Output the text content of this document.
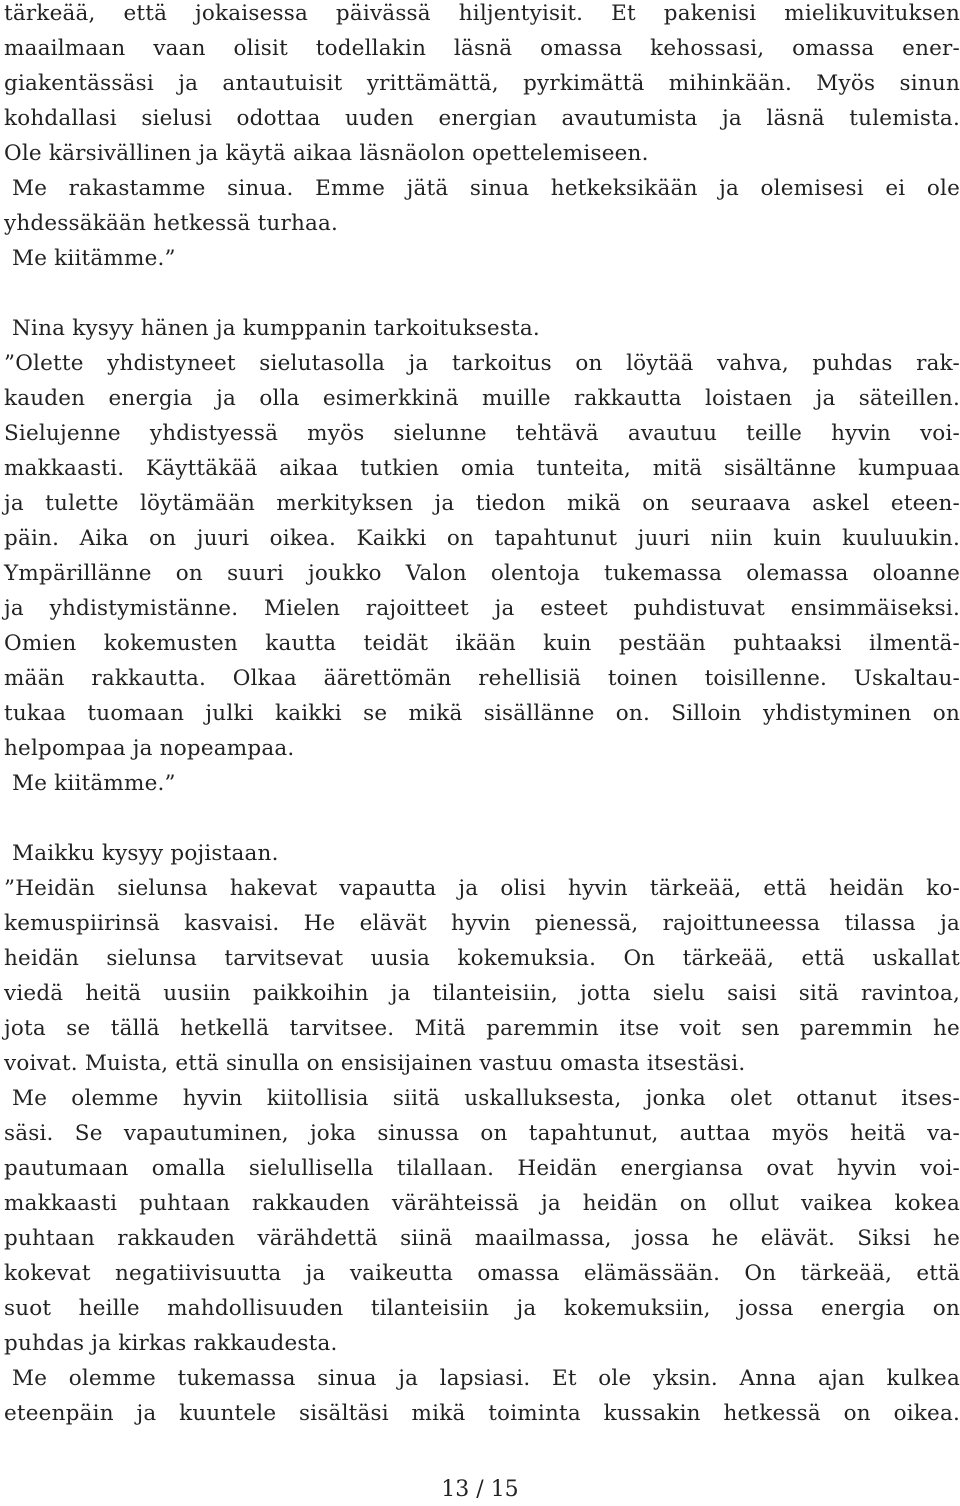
tärkeää, että jokaisessa päivässä hiljentyisit. Et pakenisi mielikuvituksen
maailmaan vaan olisit todellakin läsnä omassa kehossasi, omassa ener-
giakentässäsi ja antautuisit yrittämättä, pyrkimättä mihinkään. Myös sinun
kohdallasi sielusi odottaa uuden energian avautumista ja läsnä tulemista.
Ole kärsivällinen ja käytä aikaa läsnäolon opettelemiseen.
Me rakastamme sinua. Emme jätä sinua hetkeksikään ja olemisesi ei ole
yhdessäkään hetkessä turhaa.
Me kiitämme.”
Nina kysyy hänen ja kumppanin tarkoituksesta.
”Olette yhdistyneet sielutasolla ja tarkoitus on löytää vahva, puhdas rak-
kauden energia ja olla esimerkkinä muille rakkautta loistaen ja säteillen.
Sielujenne yhdistyessä myös sielunne tehtävä avautuu teille hyvin voi-
makkaasti. Käyttäkää aikaa tutkien omia tunteita, mitä sisältänne kumpuaa
ja tulette löytämään merkityksen ja tiedon mikä on seuraava askel eteen-
päin. Aika on juuri oikea. Kaikki on tapahtunut juuri niin kuin kuuluukin.
Ympärillänne on suuri joukko Valon olentoja tukemassa olemassa oloanne
ja yhdistymistänne. Mielen rajoitteet ja esteet puhdistuvat ensimmäiseksi.
Omien kokemusten kautta teidät ikään kuin pestään puhtaaksi ilmentä-
mään rakkautta. Olkaa äärettömän rehellisiä toinen toisillenne. Uskaltau-
tukaa tuomaan julki kaikki se mikä sisällänne on. Silloin yhdistyminen on
helpompaa ja nopeampaa.
Me kiitämme.”
Maikku kysyy pojistaan.
”Heidän sielunsa hakevat vapautta ja olisi hyvin tärkeää, että heidän ko-
kemuspiirinsä kasvaisi. He elävät hyvin pienessä, rajoittuneessa tilassa ja
heidän sielunsa tarvitsevat uusia kokemuksia. On tärkeää, että uskallat
viedä heitä uusiin paikkoihin ja tilanteisiin, jotta sielu saisi sitä ravintoa,
jota se tällä hetkellä tarvitsee. Mitä paremmin itse voit sen paremmin he
voivat. Muista, että sinulla on ensisijainen vastuu omasta itsestäsi.
Me olemme hyvin kiitollisia siitä uskalluksesta, jonka olet ottanut itses-
säsi. Se vapautuminen, joka sinussa on tapahtunut, auttaa myös heitä va-
pautumaan omalla sielullisella tilallaan. Heidän energiansa ovat hyvin voi-
makkaasti puhtaan rakkauden värähteissä ja heidän on ollut vaikea kokea
puhtaan rakkauden värähdettä siinä maailmassa, jossa he elävät. Siksi he
kokevat negatiivisuutta ja vaikeutta omassa elämässään. On tärkeää, että
suot heille mahdollisuuden tilanteisiin ja kokemuksiin, jossa energia on
puhdas ja kirkas rakkaudesta.
Me olemme tukemassa sinua ja lapsiasi. Et ole yksin. Anna ajan kulkea
eteenpäin ja kuuntele sisältäsi mikä toiminta kussakin hetkessä on oikea.
13 / 15
